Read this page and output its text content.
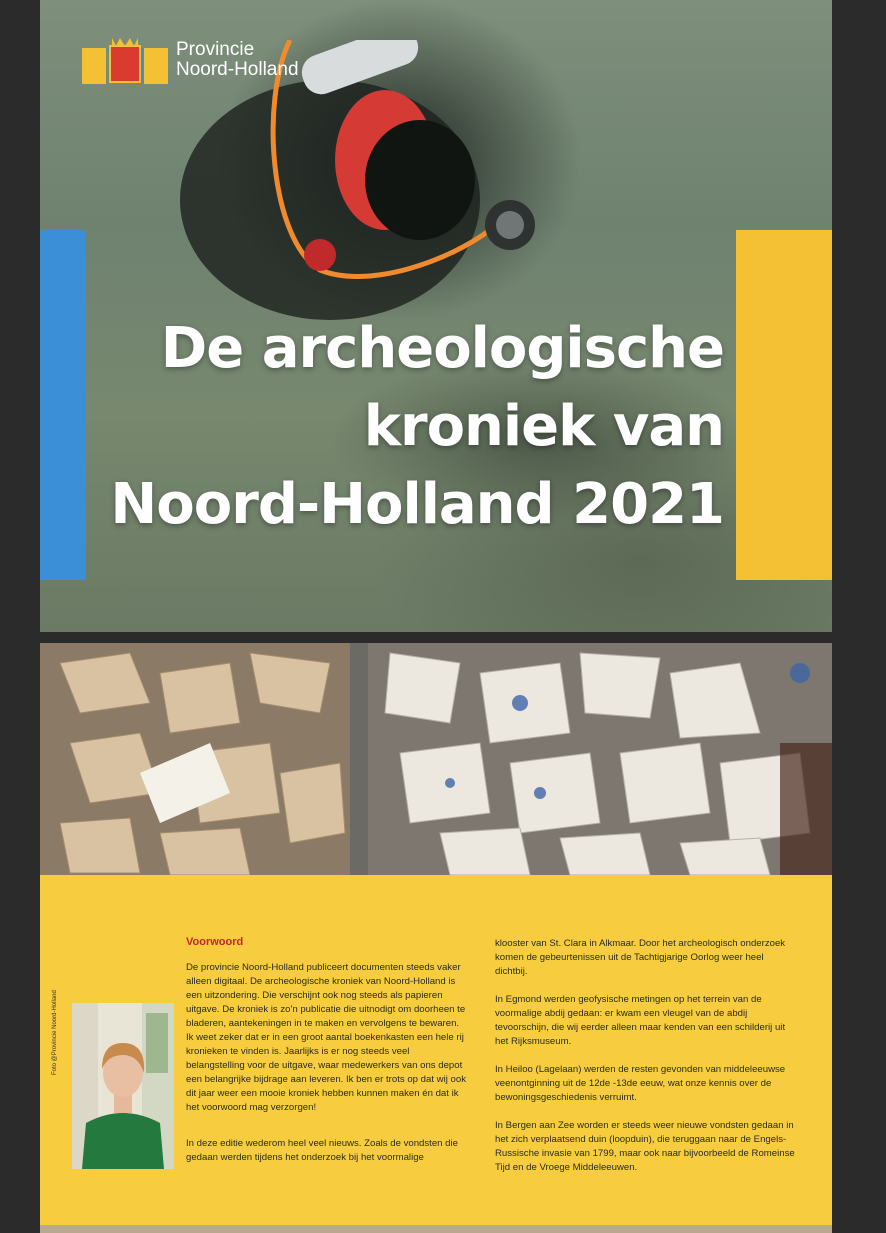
Provincie
Noord-Holland
De archeologische
kroniek van
Noord-Holland 2021
Foto @Provincie Noord-Holland
Voorwoord

De provincie Noord-Holland publiceert documenten steeds vaker alleen digitaal. De archeologische kroniek van Noord-Holland is een uitzondering. Die verschijnt ook nog steeds als papieren uitgave. De kroniek is zo'n publicatie die uitnodigt om doorheen te bladeren, aantekeningen in te maken en vervolgens te bewaren. Ik weet zeker dat er in een groot aantal boekenkasten een hele rij kronieken te vinden is. Jaarlijks is er nog steeds veel belangstelling voor de uitgave, waar medewerkers van ons depot een belangrijke bijdrage aan leveren. Ik ben er trots op dat wij ook dit jaar weer een mooie kroniek hebben kunnen maken én dat ik het voorwoord mag verzorgen!

In deze editie wederom heel veel nieuws. Zoals de vondsten die gedaan werden tijdens het onderzoek bij het voormalige

klooster van St. Clara in Alkmaar. Door het archeologisch onderzoek komen de gebeurtenissen uit de Tachtigjarige Oorlog weer heel dichtbij.

In Egmond werden geofysische metingen op het terrein van de voormalige abdij gedaan: er kwam een vleugel van de abdij tevoorschijn, die wij eerder alleen maar kenden van een schilderij uit het Rijksmuseum.

In Heiloo (Lagelaan) werden de resten gevonden van middeleeuwse veenontginning uit de 12de -13de eeuw, wat onze kennis over de bewoningsgeschiedenis verruimt.

In Bergen aan Zee worden er steeds weer nieuwe vondsten gedaan in het zich verplaatsend duin (loopduin), die teruggaan naar de Engels-Russische invasie van 1799, maar ook naar bijvoorbeeld de Romeinse Tijd en de Vroege Middeleeuwen.
